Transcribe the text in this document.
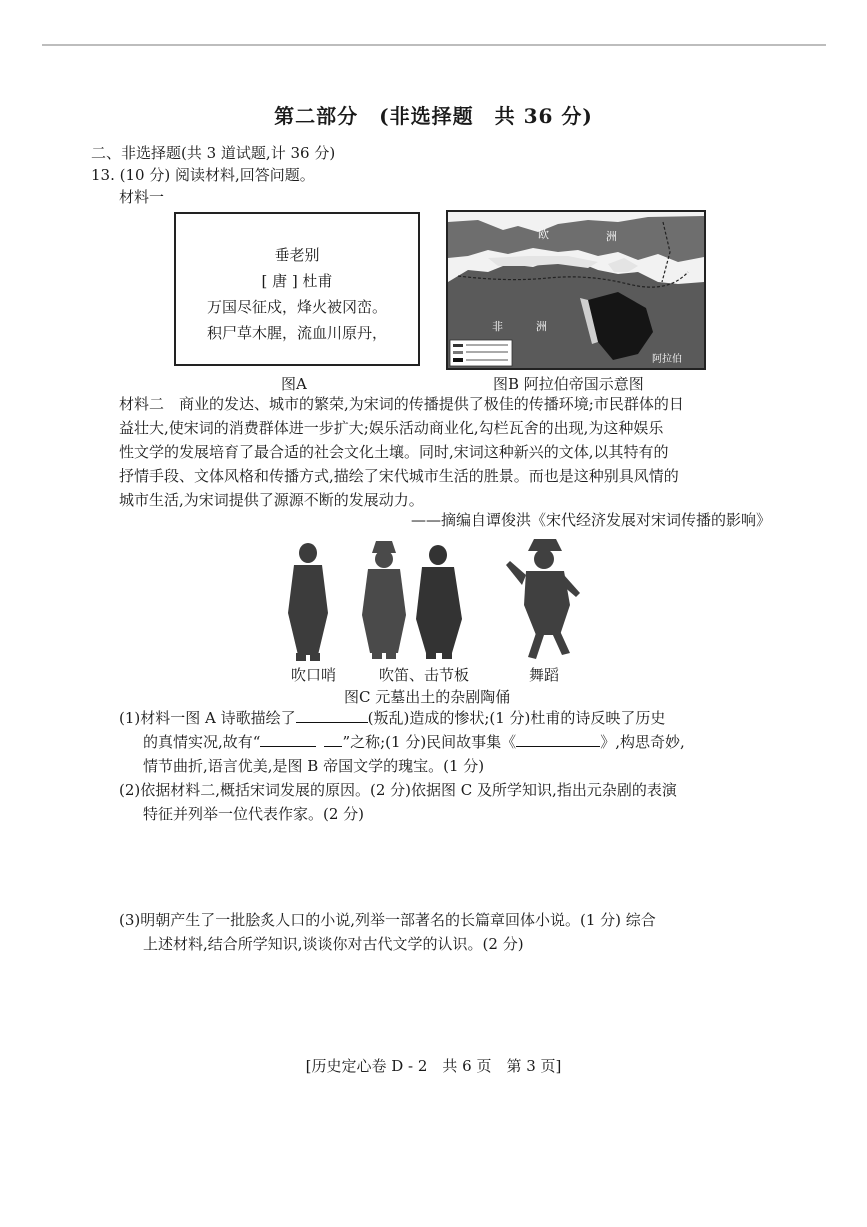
第二部分　(非选择题　共 36 分)
二、非选择题(共 3 道试题,计 36 分)
13. (10 分) 阅读材料,回答问题。
材料一
垂老别
[ 唐 ] 杜甫
万国尽征戍，烽火被冈峦。
积尸草木腥，流血川原丹，
欧	洲
非	洲
阿拉伯
图A	图B 阿拉伯帝国示意图
材料二　商业的发达、城市的繁荣,为宋词的传播提供了极佳的传播环境;市民群体的日
益壮大,使宋词的消费群体进一步扩大;娱乐活动商业化,勾栏瓦舍的出现,为这种娱乐
性文学的发展培育了最合适的社会文化土壤。同时,宋词这种新兴的文体,以其特有的
抒情手段、文体风格和传播方式,描绘了宋代城市生活的胜景。而也是这种别具风情的
城市生活,为宋词提供了源源不断的发展动力。
——摘编自谭俊洪《宋代经济发展对宋词传播的影响》
吹口哨	吹笛、击节板	舞蹈
图C 元墓出土的杂剧陶俑
(1)材料一图 A 诗歌描绘了	(叛乱)造成的惨状;(1 分)杜甫的诗反映了历史
的真情实况,故有“	”之称;(1 分)民间故事集《	》,构思奇妙,
情节曲折,语言优美,是图 B 帝国文学的瑰宝。(1 分)
(2)依据材料二,概括宋词发展的原因。(2 分)依据图 C 及所学知识,指出元杂剧的表演
特征并列举一位代表作家。(2 分)
(3)明朝产生了一批脍炙人口的小说,列举一部著名的长篇章回体小说。(1 分) 综合
上述材料,结合所学知识,谈谈你对古代文学的认识。(2 分)
[历史定心卷 D - 2　共 6 页　第 3 页]
